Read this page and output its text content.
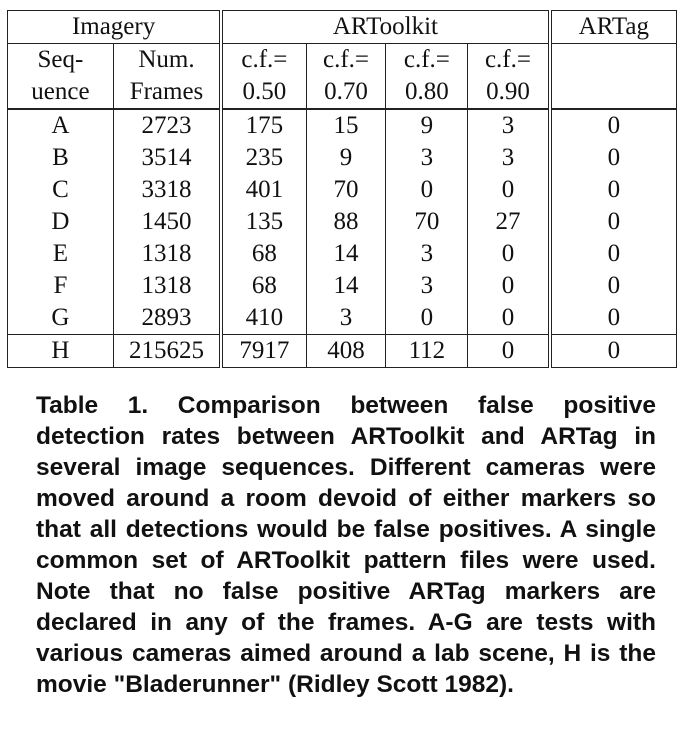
Imagery		ARToolkit				ARTag
Seq-	Num.	c.f.=	c.f.=	c.f.=	c.f.=	
uence	Frames	0.50	0.70	0.80	0.90	
A	2723	175	15	9	3	0
B	3514	235	9	3	3	0
C	3318	401	70	0	0	0
D	1450	135	88	70	27	0
E	1318	68	14	3	0	0
F	1318	68	14	3	0	0
G	2893	410	3	0	0	0
H	215625	7917	408	112	0	0

Table 1. Comparison between false positive detection rates between ARToolkit and ARTag in several image sequences. Different cameras were moved around a room devoid of either markers so that all detections would be false positives. A single common set of ARToolkit pattern files were used. Note that no false positive ARTag markers are declared in any of the frames. A-G are tests with various cameras aimed around a lab scene, H is the movie "Bladerunner" (Ridley Scott 1982).
